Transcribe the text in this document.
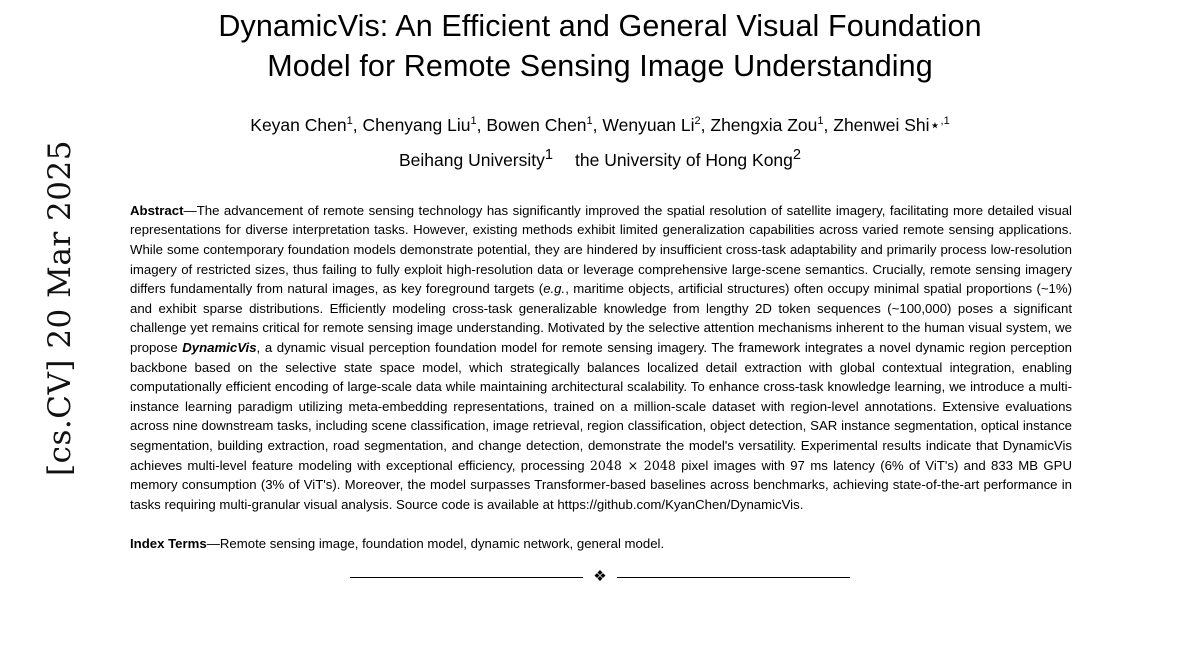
[cs.CV] 20 Mar 2025
DynamicVis: An Efficient and General Visual Foundation
Model for Remote Sensing Image Understanding
Keyan Chen$^1$, Chenyang Liu$^1$, Bowen Chen$^1$, Wenyuan Li$^2$, Zhengxia Zou$^1$, Zhenwei Shi⋆$^{,1}$
Beihang University$^1$ the University of Hong Kong$^2$
Abstract—The advancement of remote sensing technology has significantly improved the spatial resolution of satellite imagery, facilitating more detailed visual representations for diverse interpretation tasks. However, existing methods exhibit limited generalization capabilities across varied remote sensing applications. While some contemporary foundation models demonstrate potential, they are hindered by insufficient cross-task adaptability and primarily process low-resolution imagery of restricted sizes, thus failing to fully exploit high-resolution data or leverage comprehensive large-scene semantics. Crucially, remote sensing imagery differs fundamentally from natural images, as key foreground targets (e.g., maritime objects, artificial structures) often occupy minimal spatial proportions (~1%) and exhibit sparse distributions. Efficiently modeling cross-task generalizable knowledge from lengthy 2D token sequences (~100,000) poses a significant challenge yet remains critical for remote sensing image understanding. Motivated by the selective attention mechanisms inherent to the human visual system, we propose DynamicVis, a dynamic visual perception foundation model for remote sensing imagery. The framework integrates a novel dynamic region perception backbone based on the selective state space model, which strategically balances localized detail extraction with global contextual integration, enabling computationally efficient encoding of large-scale data while maintaining architectural scalability. To enhance cross-task knowledge learning, we introduce a multi-instance learning paradigm utilizing meta-embedding representations, trained on a million-scale dataset with region-level annotations. Extensive evaluations across nine downstream tasks, including scene classification, image retrieval, region classification, object detection, SAR instance segmentation, optical instance segmentation, building extraction, road segmentation, and change detection, demonstrate the model's versatility. Experimental results indicate that DynamicVis achieves multi-level feature modeling with exceptional efficiency, processing 2048 × 2048 pixel images with 97 ms latency (6% of ViT's) and 833 MB GPU memory consumption (3% of ViT's). Moreover, the model surpasses Transformer-based baselines across benchmarks, achieving state-of-the-art performance in tasks requiring multi-granular visual analysis. Source code is available at https://github.com/KyanChen/DynamicVis.
Index Terms—Remote sensing image, foundation model, dynamic network, general model.
❖
